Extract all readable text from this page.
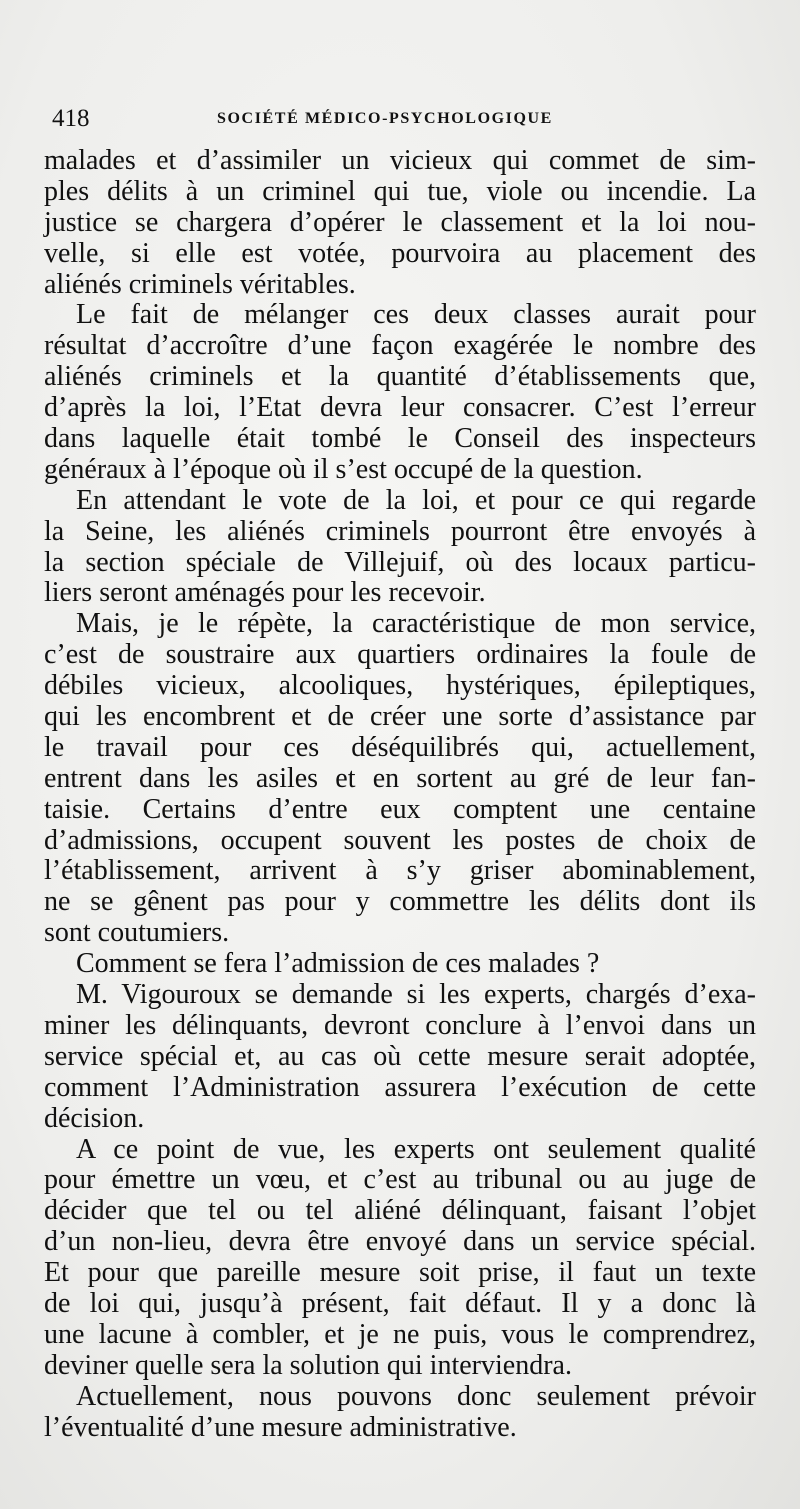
418	SOCIÉTÉ MÉDICO-PSYCHOLOGIQUE
malades et d’assimiler un vicieux qui commet de sim-
ples délits à un criminel qui tue, viole ou incendie. La
justice se chargera d’opérer le classement et la loi nou-
velle, si elle est votée, pourvoira au placement des
aliénés criminels véritables.
Le fait de mélanger ces deux classes aurait pour
résultat d’accroître d’une façon exagérée le nombre des
aliénés criminels et la quantité d’établissements que,
d’après la loi, l’Etat devra leur consacrer. C’est l’erreur
dans laquelle était tombé le Conseil des inspecteurs
généraux à l’époque où il s’est occupé de la question.
En attendant le vote de la loi, et pour ce qui regarde
la Seine, les aliénés criminels pourront être envoyés à
la section spéciale de Villejuif, où des locaux particu-
liers seront aménagés pour les recevoir.
Mais, je le répète, la caractéristique de mon service,
c’est de soustraire aux quartiers ordinaires la foule de
débiles vicieux, alcooliques, hystériques, épileptiques,
qui les encombrent et de créer une sorte d’assistance par
le travail pour ces déséquilibrés qui, actuellement,
entrent dans les asiles et en sortent au gré de leur fan-
taisie. Certains d’entre eux comptent une centaine
d’admissions, occupent souvent les postes de choix de
l’établissement, arrivent à s’y griser abominablement,
ne se gênent pas pour y commettre les délits dont ils
sont coutumiers.
Comment se fera l’admission de ces malades ?
M. Vigouroux se demande si les experts, chargés d’exa-
miner les délinquants, devront conclure à l’envoi dans un
service spécial et, au cas où cette mesure serait adoptée,
comment l’Administration assurera l’exécution de cette
décision.
A ce point de vue, les experts ont seulement qualité
pour émettre un vœu, et c’est au tribunal ou au juge de
décider que tel ou tel aliéné délinquant, faisant l’objet
d’un non-lieu, devra être envoyé dans un service spécial.
Et pour que pareille mesure soit prise, il faut un texte
de loi qui, jusqu’à présent, fait défaut. Il y a donc là
une lacune à combler, et je ne puis, vous le comprendrez,
deviner quelle sera la solution qui interviendra.
Actuellement, nous pouvons donc seulement prévoir
l’éventualité d’une mesure administrative.
